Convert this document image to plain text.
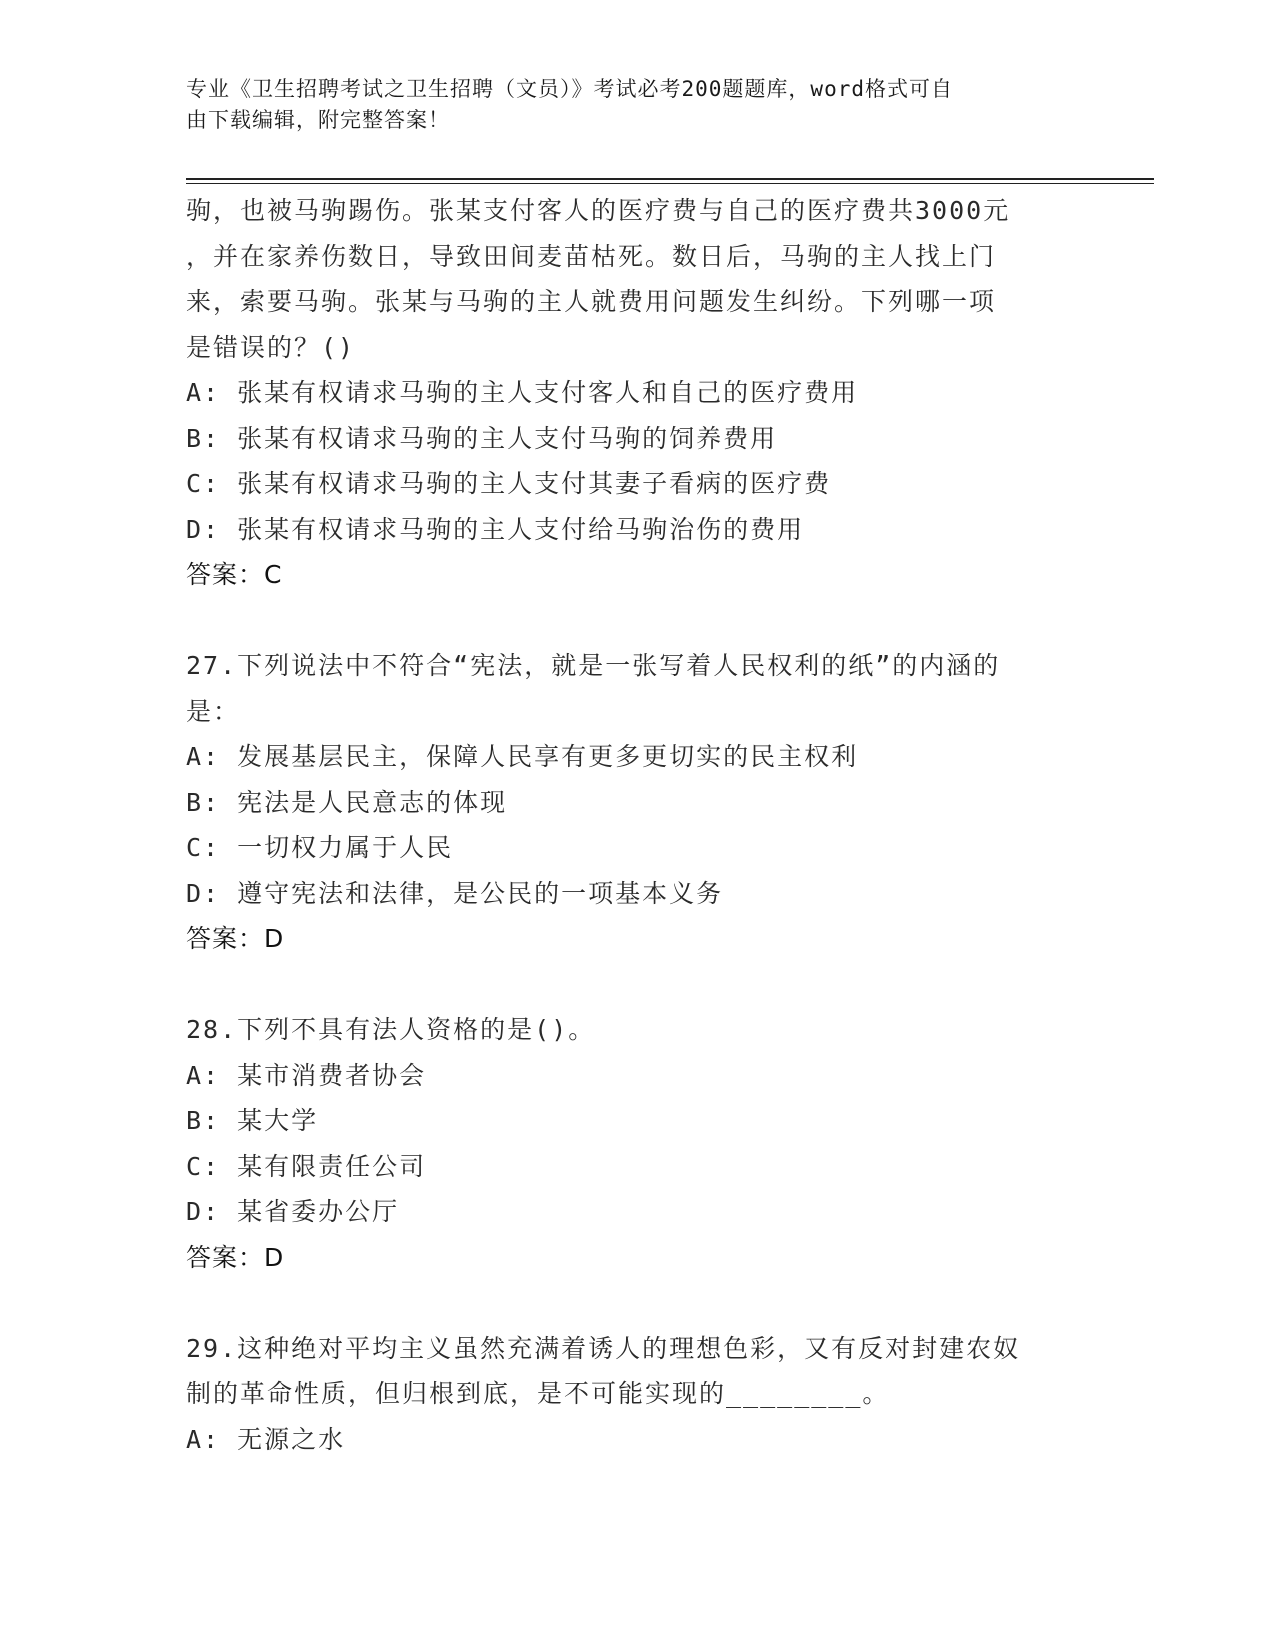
专业《卫生招聘考试之卫生招聘（文员）》考试必考200题题库，word格式可自
由下载编辑，附完整答案！
驹，也被马驹踢伤。张某支付客人的医疗费与自己的医疗费共3000元
，并在家养伤数日，导致田间麦苗枯死。数日后，马驹的主人找上门
来，索要马驹。张某与马驹的主人就费用问题发生纠纷。下列哪一项
是错误的？()
A: 张某有权请求马驹的主人支付客人和自己的医疗费用
B: 张某有权请求马驹的主人支付马驹的饲养费用
C: 张某有权请求马驹的主人支付其妻子看病的医疗费
D: 张某有权请求马驹的主人支付给马驹治伤的费用
答案：C
27.下列说法中不符合“宪法，就是一张写着人民权利的纸”的内涵的
是：
A: 发展基层民主，保障人民享有更多更切实的民主权利
B: 宪法是人民意志的体现
C: 一切权力属于人民
D: 遵守宪法和法律，是公民的一项基本义务
答案：D
28.下列不具有法人资格的是()。
A: 某市消费者协会
B: 某大学
C: 某有限责任公司
D: 某省委办公厅
答案：D
29.这种绝对平均主义虽然充满着诱人的理想色彩，又有反对封建农奴
制的革命性质，但归根到底，是不可能实现的________。
A: 无源之水
